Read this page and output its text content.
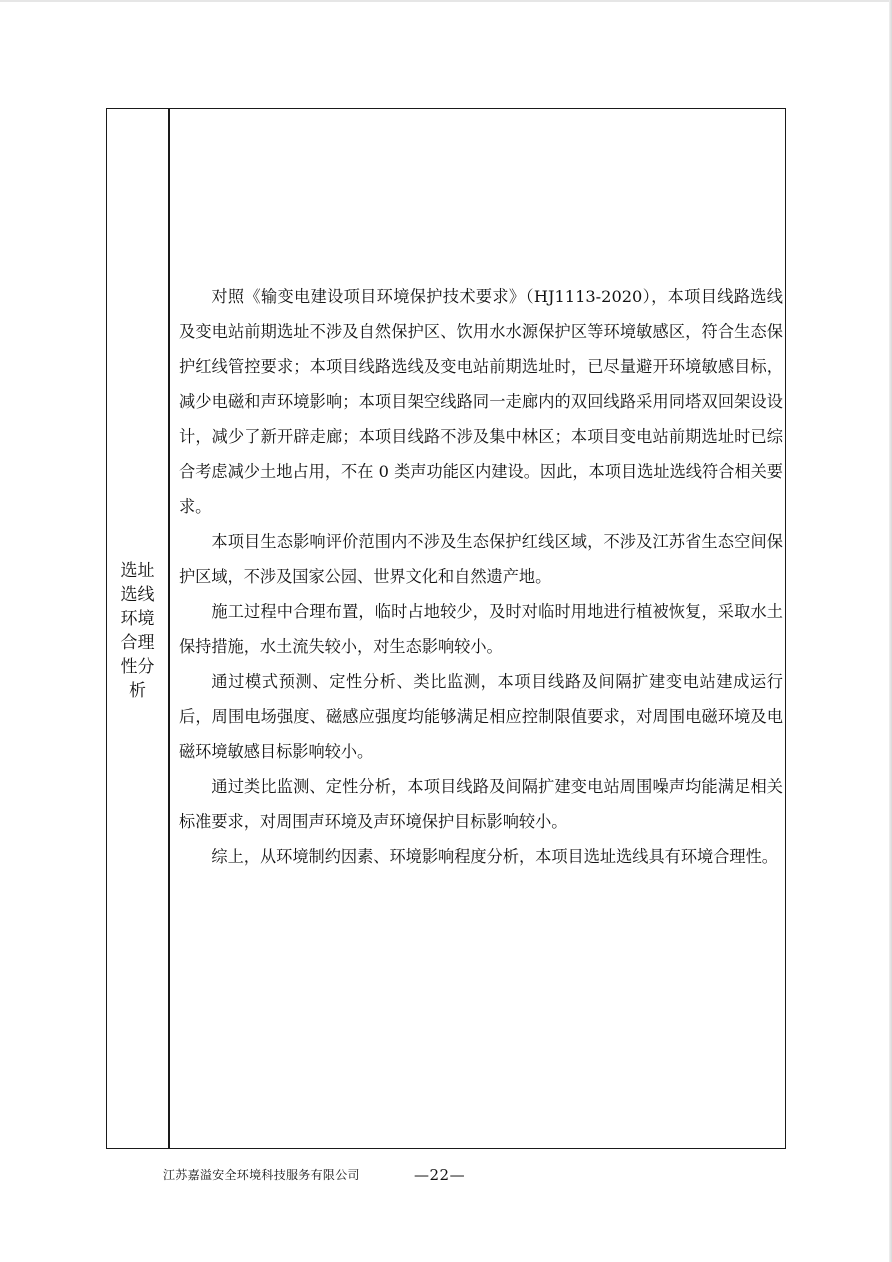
选址
选线
环境
合理
性分
析

对照《输变电建设项目环境保护技术要求》（HJ1113-2020），本项目线路选线及变电站前期选址不涉及自然保护区、饮用水水源保护区等环境敏感区，符合生态保护红线管控要求；本项目线路选线及变电站前期选址时，已尽量避开环境敏感目标，减少电磁和声环境影响；本项目架空线路同一走廊内的双回线路采用同塔双回架设设计，减少了新开辟走廊；本项目线路不涉及集中林区；本项目变电站前期选址时已综合考虑减少土地占用，不在 0 类声功能区内建设。因此，本项目选址选线符合相关要求。

本项目生态影响评价范围内不涉及生态保护红线区域，不涉及江苏省生态空间保护区域，不涉及国家公园、世界文化和自然遗产地。

施工过程中合理布置，临时占地较少，及时对临时用地进行植被恢复，采取水土保持措施，水土流失较小，对生态影响较小。

通过模式预测、定性分析、类比监测，本项目线路及间隔扩建变电站建成运行后，周围电场强度、磁感应强度均能够满足相应控制限值要求，对周围电磁环境及电磁环境敏感目标影响较小。

通过类比监测、定性分析，本项目线路及间隔扩建变电站周围噪声均能满足相关标准要求，对周围声环境及声环境保护目标影响较小。

综上，从环境制约因素、环境影响程度分析，本项目选址选线具有环境合理性。

江苏嘉溢安全环境科技服务有限公司	—22—
